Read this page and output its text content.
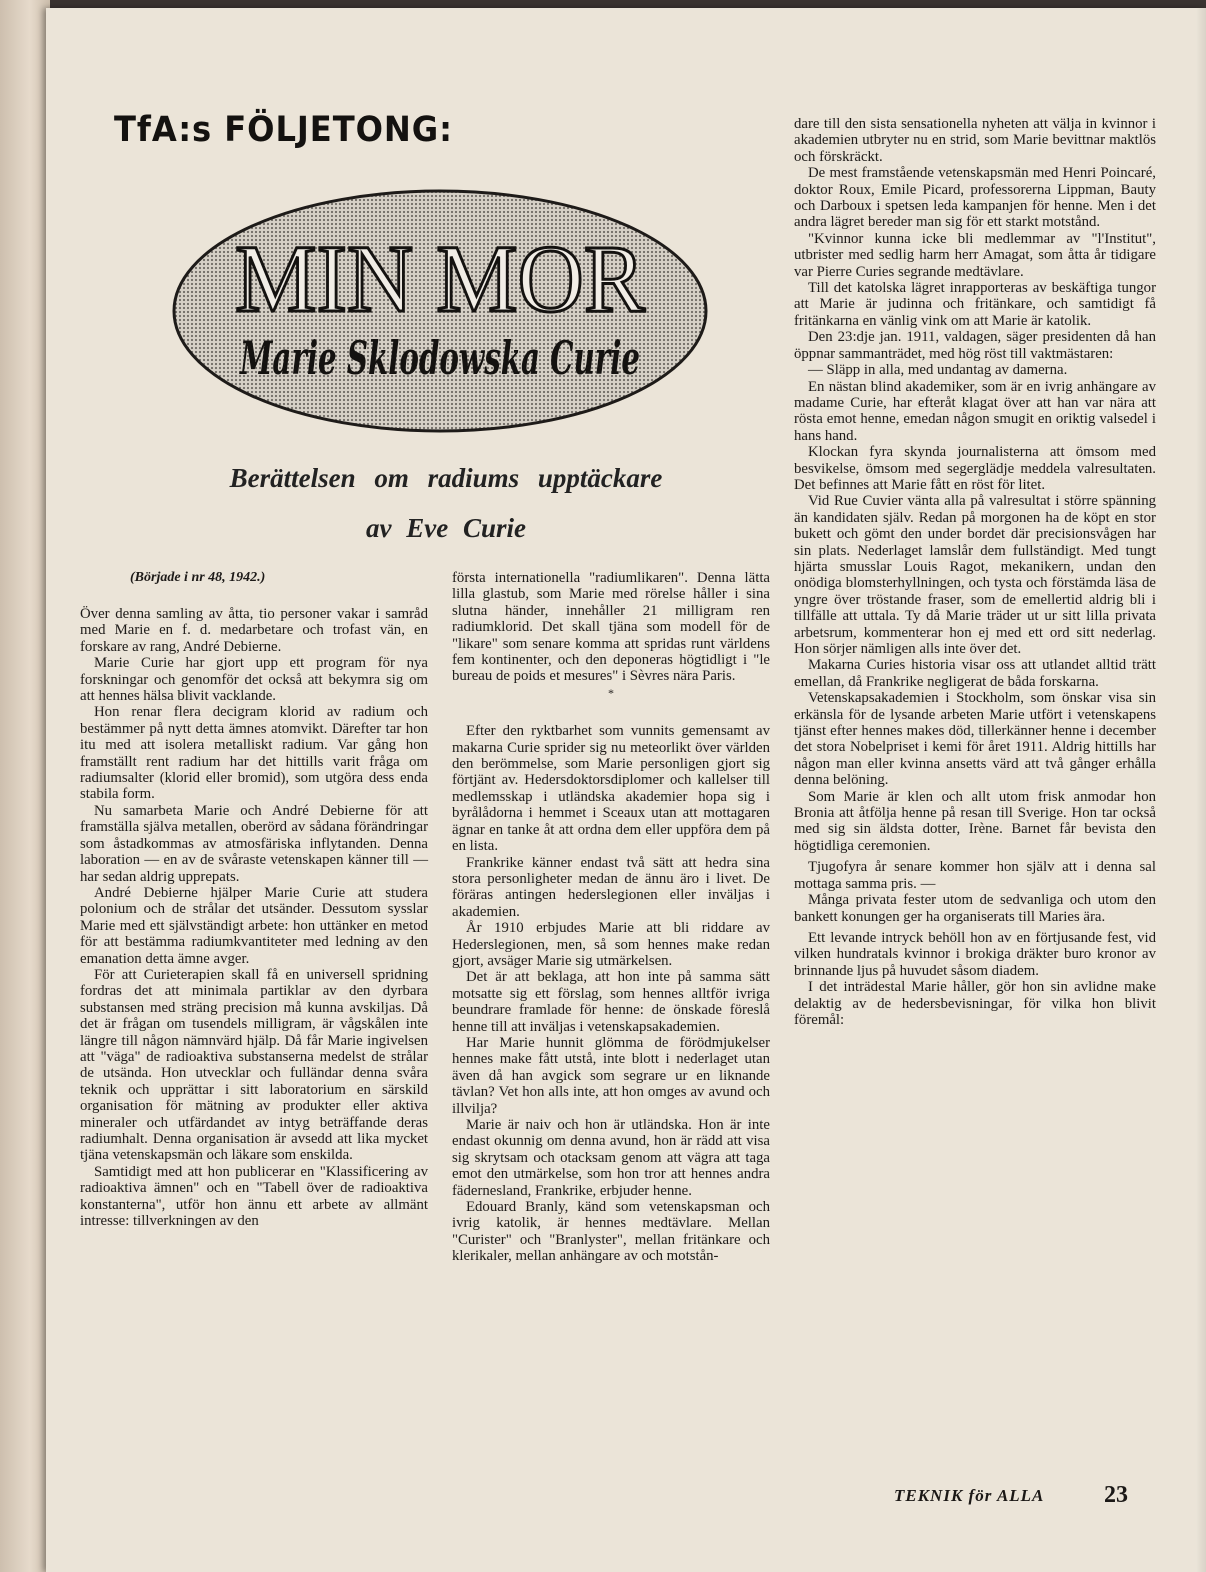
TfA:s FÖLJETONG:
MIN MOR
Marie Sklodowska Curie
Berättelsen om radiums upptäckare
av Eve Curie
(Började i nr 48, 1942.)

Över denna samling av åtta, tio personer vakar i samråd med Marie en f. d. medarbetare och trofast vän, en forskare av rang, André Debierne.

Marie Curie har gjort upp ett program för nya forskningar och genomför det också att bekymra sig om att hennes hälsa blivit vacklande.

Hon renar flera decigram klorid av radium och bestämmer på nytt detta ämnes atomvikt. Därefter tar hon itu med att isolera metalliskt radium. Var gång hon framställt rent radium har det hittills varit fråga om radiumsalter (klorid eller bromid), som utgöra dess enda stabila form.

Nu samarbeta Marie och André Debierne för att framställa själva metallen, oberörd av sådana förändringar som åstadkommas av atmosfäriska inflytanden. Denna laboration — en av de svåraste vetenskapen känner till — har sedan aldrig upprepats.

André Debierne hjälper Marie Curie att studera polonium och de strålar det utsänder. Dessutom sysslar Marie med ett självständigt arbete: hon uttänker en metod för att bestämma radiumkvantiteter med ledning av den emanation detta ämne avger.

För att Curieterapien skall få en universell spridning fordras det att minimala partiklar av den dyrbara substansen med sträng precision må kunna avskiljas. Då det är frågan om tusendels milligram, är vågskålen inte längre till någon nämnvärd hjälp. Då får Marie ingivelsen att "väga" de radioaktiva substanserna medelst de strålar de utsända. Hon utvecklar och fulländar denna svåra teknik och upprättar i sitt laboratorium en särskild organisation för mätning av produkter eller aktiva mineraler och utfärdandet av intyg beträffande deras radiumhalt. Denna organisation är avsedd att lika mycket tjäna vetenskapsmän och läkare som enskilda.

Samtidigt med att hon publicerar en "Klassificering av radioaktiva ämnen" och en "Tabell över de radioaktiva konstanterna", utför hon ännu ett arbete av allmänt intresse: tillverkningen av den

första internationella "radiumlikaren". Denna lätta lilla glastub, som Marie med rörelse håller i sina slutna händer, innehåller 21 milligram ren radiumklorid. Det skall tjäna som modell för de "likare" som senare komma att spridas runt världens fem kontinenter, och den deponeras högtidligt i "le bureau de poids et mesures" i Sèvres nära Paris.

*

Efter den ryktbarhet som vunnits gemensamt av makarna Curie sprider sig nu meteorlikt över världen den berömmelse, som Marie personligen gjort sig förtjänt av. Hedersdoktorsdiplomer och kallelser till medlemsskap i utländska akademier hopa sig i byrålådorna i hemmet i Sceaux utan att mottagaren ägnar en tanke åt att ordna dem eller uppföra dem på en lista.

Frankrike känner endast två sätt att hedra sina stora personligheter medan de ännu äro i livet. De föräras antingen hederslegionen eller inväljas i akademien.

År 1910 erbjudes Marie att bli riddare av Hederslegionen, men, så som hennes make redan gjort, avsäger Marie sig utmärkelsen.

Det är att beklaga, att hon inte på samma sätt motsatte sig ett förslag, som hennes alltför ivriga beundrare framlade för henne: de önskade föreslå henne till att inväljas i vetenskapsakademien.

Har Marie hunnit glömma de förödmjukelser hennes make fått utstå, inte blott i nederlaget utan även då han avgick som segrare ur en liknande tävlan? Vet hon alls inte, att hon omges av avund och illvilja?

Marie är naiv och hon är utländska. Hon är inte endast okunnig om denna avund, hon är rädd att visa sig skrytsam och otacksam genom att vägra att taga emot den utmärkelse, som hon tror att hennes andra fädernesland, Frankrike, erbjuder henne.

Edouard Branly, känd som vetenskapsman och ivrig katolik, är hennes medtävlare. Mellan "Curister" och "Branlyster", mellan fritänkare och klerikaler, mellan anhängare av och motstån-

dare till den sista sensationella nyheten att välja in kvinnor i akademien utbryter nu en strid, som Marie bevittnar maktlös och förskräckt.

De mest framstående vetenskapsmän med Henri Poincaré, doktor Roux, Emile Picard, professorerna Lippman, Bauty och Darboux i spetsen leda kampanjen för henne. Men i det andra lägret bereder man sig för ett starkt motstånd.

"Kvinnor kunna icke bli medlemmar av "l'Institut", utbrister med sedlig harm herr Amagat, som åtta år tidigare var Pierre Curies segrande medtävlare.

Till det katolska lägret inrapporteras av beskäftiga tungor att Marie är judinna och fritänkare, och samtidigt få fritänkarna en vänlig vink om att Marie är katolik.

Den 23:dje jan. 1911, valdagen, säger presidenten då han öppnar sammanträdet, med hög röst till vaktmästaren:

— Släpp in alla, med undantag av damerna.

En nästan blind akademiker, som är en ivrig anhängare av madame Curie, har efteråt klagat över att han var nära att rösta emot henne, emedan någon smugit en oriktig valsedel i hans hand.

Klockan fyra skynda journalisterna att ömsom med besvikelse, ömsom med segerglädje meddela valresultaten. Det befinnes att Marie fått en röst för litet.

Vid Rue Cuvier vänta alla på valresultat i större spänning än kandidaten själv. Redan på morgonen ha de köpt en stor bukett och gömt den under bordet där precisionsvågen har sin plats. Nederlaget lamslår dem fullständigt. Med tungt hjärta smusslar Louis Ragot, mekanikern, undan den onödiga blomsterhyllningen, och tysta och förstämda läsa de yngre över tröstande fraser, som de emellertid aldrig bli i tillfälle att uttala. Ty då Marie träder ut ur sitt lilla privata arbetsrum, kommenterar hon ej med ett ord sitt nederlag. Hon sörjer nämligen alls inte över det.

Makarna Curies historia visar oss att utlandet alltid trätt emellan, då Frankrike negligerat de båda forskarna.

Vetenskapsakademien i Stockholm, som önskar visa sin erkänsla för de lysande arbeten Marie utfört i vetenskapens tjänst efter hennes makes död, tillerkänner henne i december det stora Nobelpriset i kemi för året 1911. Aldrig hittills har någon man eller kvinna ansetts värd att två gånger erhålla denna belöning.

Som Marie är klen och allt utom frisk anmodar hon Bronia att åtfölja henne på resan till Sverige. Hon tar också med sig sin äldsta dotter, Irène. Barnet får bevista den högtidliga ceremonien.

Tjugofyra år senare kommer hon själv att i denna sal mottaga samma pris. —

Många privata fester utom de sedvanliga och utom den bankett konungen ger ha organiserats till Maries ära.

Ett levande intryck behöll hon av en förtjusande fest, vid vilken hundratals kvinnor i brokiga dräkter buro kronor av brinnande ljus på huvudet såsom diadem.

I det inträdestal Marie håller, gör hon sin avlidne make delaktig av de hedersbevisningar, för vilka hon blivit föremål:

TEKNIK för ALLA 23
